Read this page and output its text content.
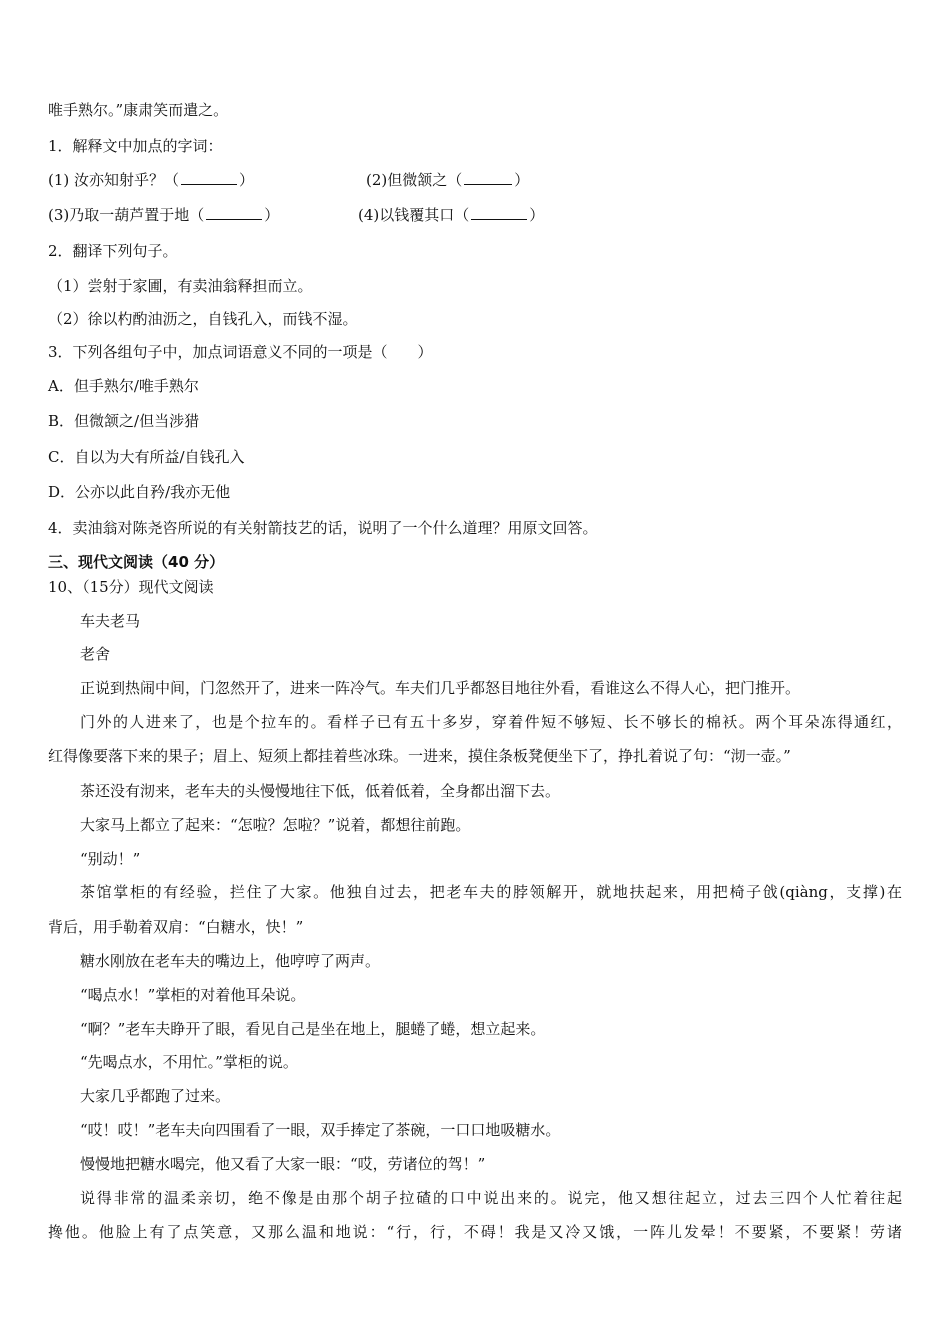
唯手熟尔。”康肃笑而遣之。
1．解释文中加点的字词：
(1) 汝亦知射乎？（	）	(2)但微颔之（	）
(3)乃取一葫芦置于地（	）	(4)以钱覆其口（	）
2．翻译下列句子。
（1）尝射于家圃，有卖油翁释担而立。
（2）徐以杓酌油沥之，自钱孔入，而钱不湿。
3．下列各组句子中，加点词语意义不同的一项是（　　）
A．但手熟尔/唯手熟尔
B．但微颔之/但当涉猎
C．自以为大有所益/自钱孔入
D．公亦以此自矜/我亦无他
4．卖油翁对陈尧咨所说的有关射箭技艺的话，说明了一个什么道理？用原文回答。
三、现代文阅读（40 分）
10、（15分）现代文阅读
车夫老马
老舍
正说到热闹中间，门忽然开了，进来一阵冷气。车夫们几乎都怒目地往外看，看谁这么不得人心，把门推开。
门外的人进来了，也是个拉车的。看样子已有五十多岁，穿着件短不够短、长不够长的棉袄。两个耳朵冻得通红，
红得像要落下来的果子；眉上、短须上都挂着些冰珠。一进来，摸住条板凳便坐下了，挣扎着说了句：“沏一壶。”
茶还没有沏来，老车夫的头慢慢地往下低，低着低着，全身都出溜下去。
大家马上都立了起来：“怎啦？怎啦？”说着，都想往前跑。
“别动！”
茶馆掌柜的有经验，拦住了大家。他独自过去，把老车夫的脖领解开，就地扶起来，用把椅子戗(qiàng，支撑)在
背后，用手勒着双肩：“白糖水，快！”
糖水刚放在老车夫的嘴边上，他哼哼了两声。
“喝点水！”掌柜的对着他耳朵说。
“啊？”老车夫睁开了眼，看见自己是坐在地上，腿蜷了蜷，想立起来。
“先喝点水，不用忙。”掌柜的说。
大家几乎都跑了过来。
“哎！哎！”老车夫向四围看了一眼，双手捧定了茶碗，一口口地吸糖水。
慢慢地把糖水喝完，他又看了大家一眼：“哎，劳诸位的驾！”
说得非常的温柔亲切，绝不像是由那个胡子拉碴的口中说出来的。说完，他又想往起立，过去三四个人忙着往起
搀他。他脸上有了点笑意，又那么温和地说：“行，行，不碍！我是又冷又饿，一阵儿发晕！不要紧，不要紧！劳诸
